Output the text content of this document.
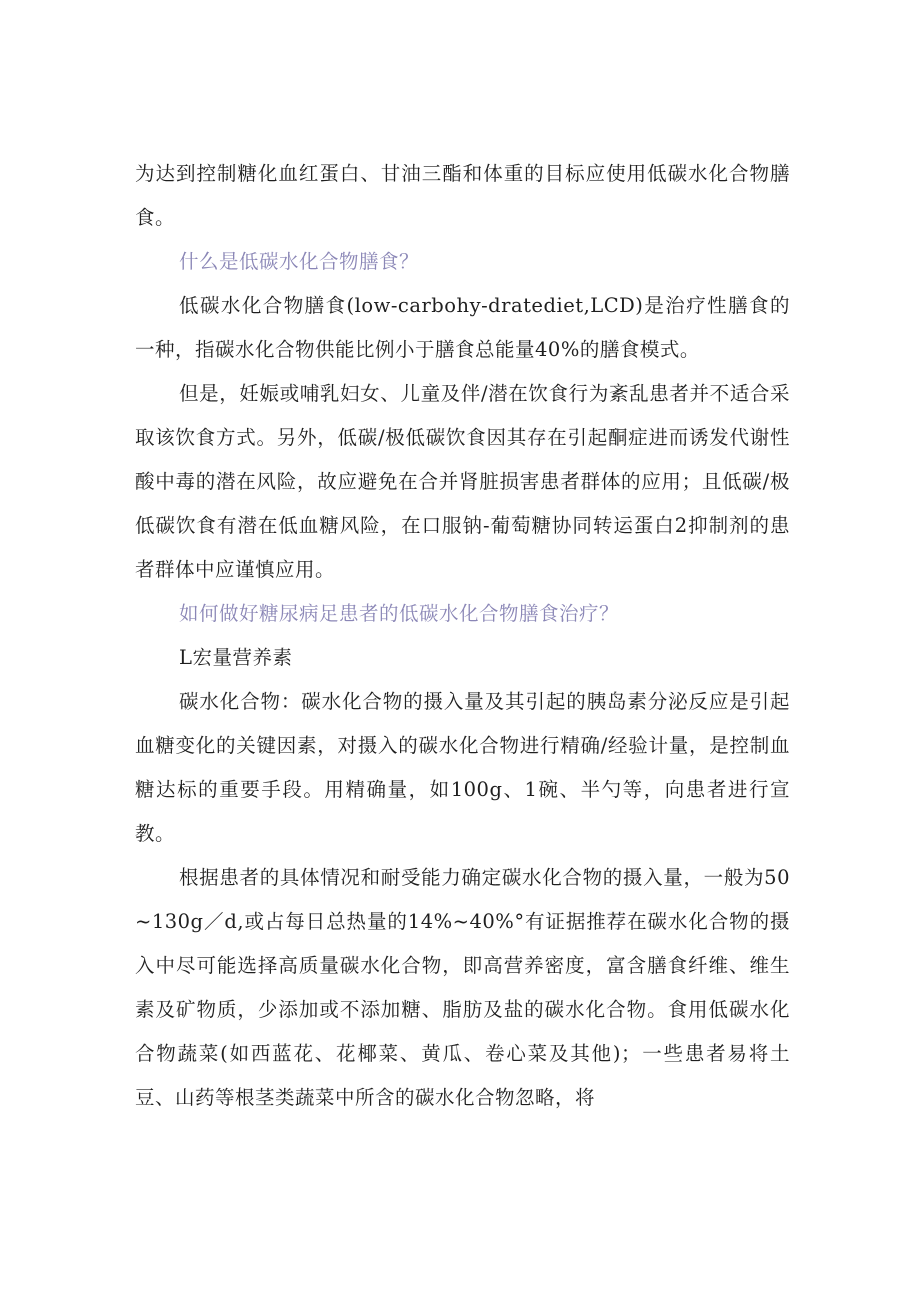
为达到控制糖化血红蛋白、甘油三酯和体重的目标应使用低碳水化合物膳食。

什么是低碳水化合物膳食？

低碳水化合物膳食(low-carbohy-dratediet,LCD)是治疗性膳食的一种，指碳水化合物供能比例小于膳食总能量40%的膳食模式。

但是，妊娠或哺乳妇女、儿童及伴/潜在饮食行为紊乱患者并不适合采取该饮食方式。另外，低碳/极低碳饮食因其存在引起酮症进而诱发代谢性酸中毒的潜在风险，故应避免在合并肾脏损害患者群体的应用；且低碳/极低碳饮食有潜在低血糖风险，在口服钠-葡萄糖协同转运蛋白2抑制剂的患者群体中应谨慎应用。

如何做好糖尿病足患者的低碳水化合物膳食治疗？

L宏量营养素

碳水化合物：碳水化合物的摄入量及其引起的胰岛素分泌反应是引起血糖变化的关键因素，对摄入的碳水化合物进行精确/经验计量，是控制血糖达标的重要手段。用精确量，如100g、1碗、半勺等，向患者进行宣教。

根据患者的具体情况和耐受能力确定碳水化合物的摄入量，一般为50~130g／d,或占每日总热量的14%~40%°有证据推荐在碳水化合物的摄入中尽可能选择高质量碳水化合物，即高营养密度，富含膳食纤维、维生素及矿物质，少添加或不添加糖、脂肪及盐的碳水化合物。食用低碳水化合物蔬菜(如西蓝花、花椰菜、黄瓜、卷心菜及其他)；一些患者易将土豆、山药等根茎类蔬菜中所含的碳水化合物忽略，将
